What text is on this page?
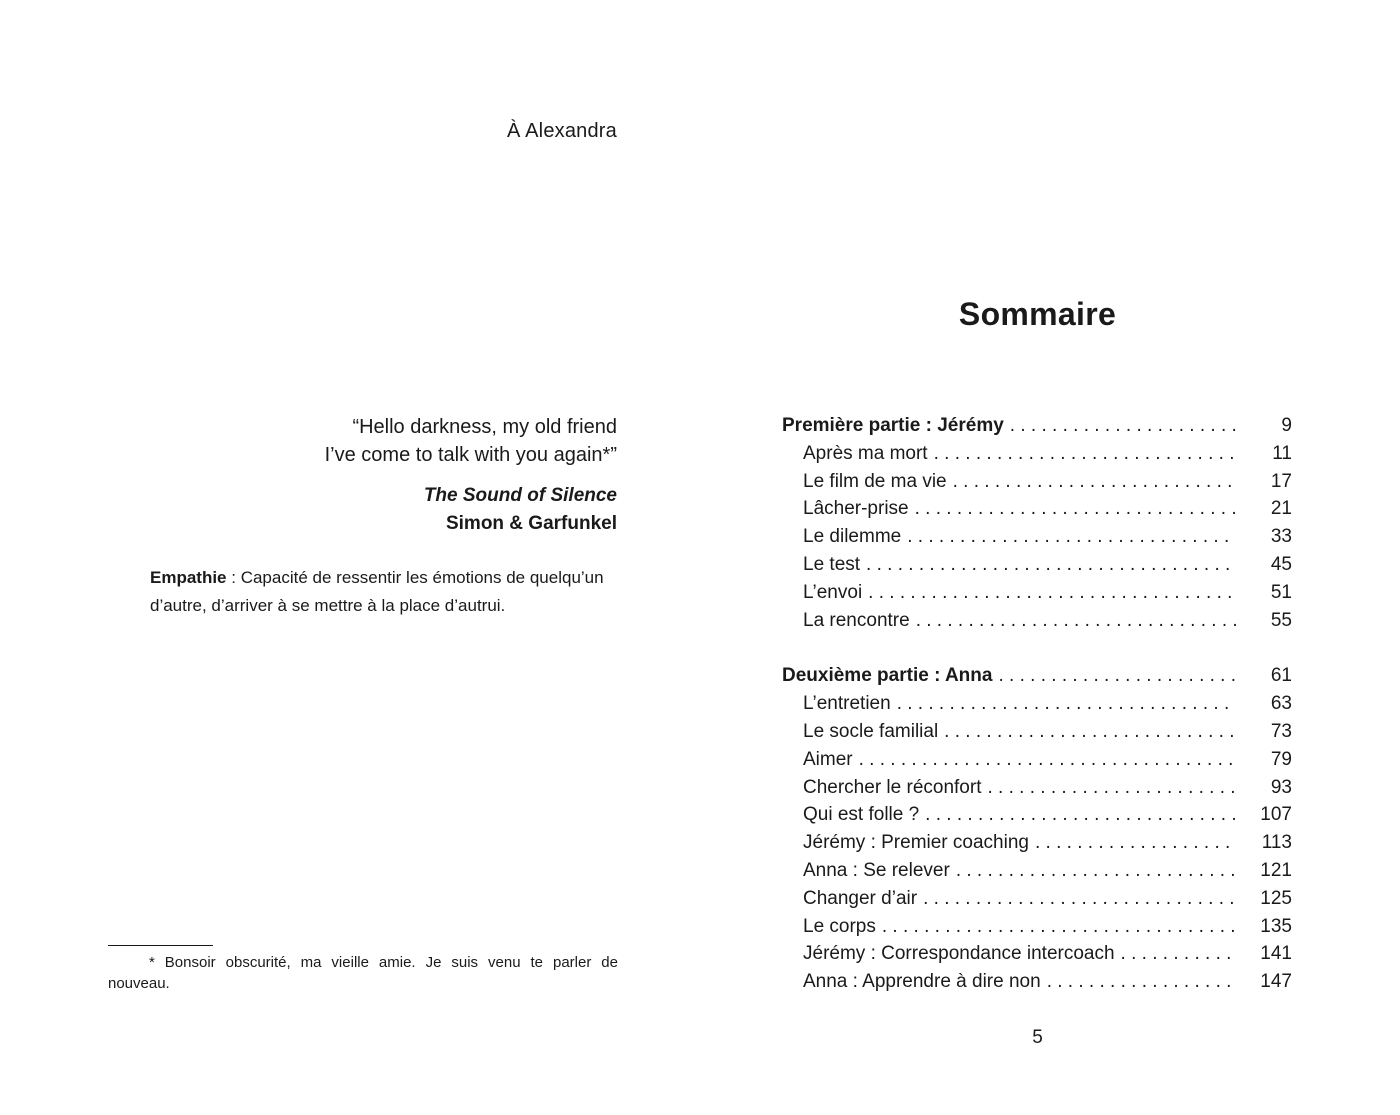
À Alexandra
“Hello darkness, my old friend
I’ve come to talk with you again*”
The Sound of Silence
Simon & Garfunkel
Empathie : Capacité de ressentir les émotions de quelqu’un d’autre, d’arriver à se mettre à la place d’autrui.
* Bonsoir obscurité, ma vieille amie. Je suis venu te parler de nouveau.
Sommaire
Première partie : Jérémy . . .	9
Après ma mort . . .	11
Le film de ma vie . . .	17
Lâcher-prise . . .	21
Le dilemme . . .	33
Le test . . .	45
L’envoi . . .	51
La rencontre . . .	55
Deuxième partie : Anna . . .	61
L’entretien . . .	63
Le socle familial . . .	73
Aimer . . .	79
Chercher le réconfort . . .	93
Qui est folle ? . . .	107
Jérémy : Premier coaching . . .	113
Anna : Se relever . . .	121
Changer d’air . . .	125
Le corps . . .	135
Jérémy : Correspondance intercoach . . .	141
Anna : Apprendre à dire non . . .	147
5
